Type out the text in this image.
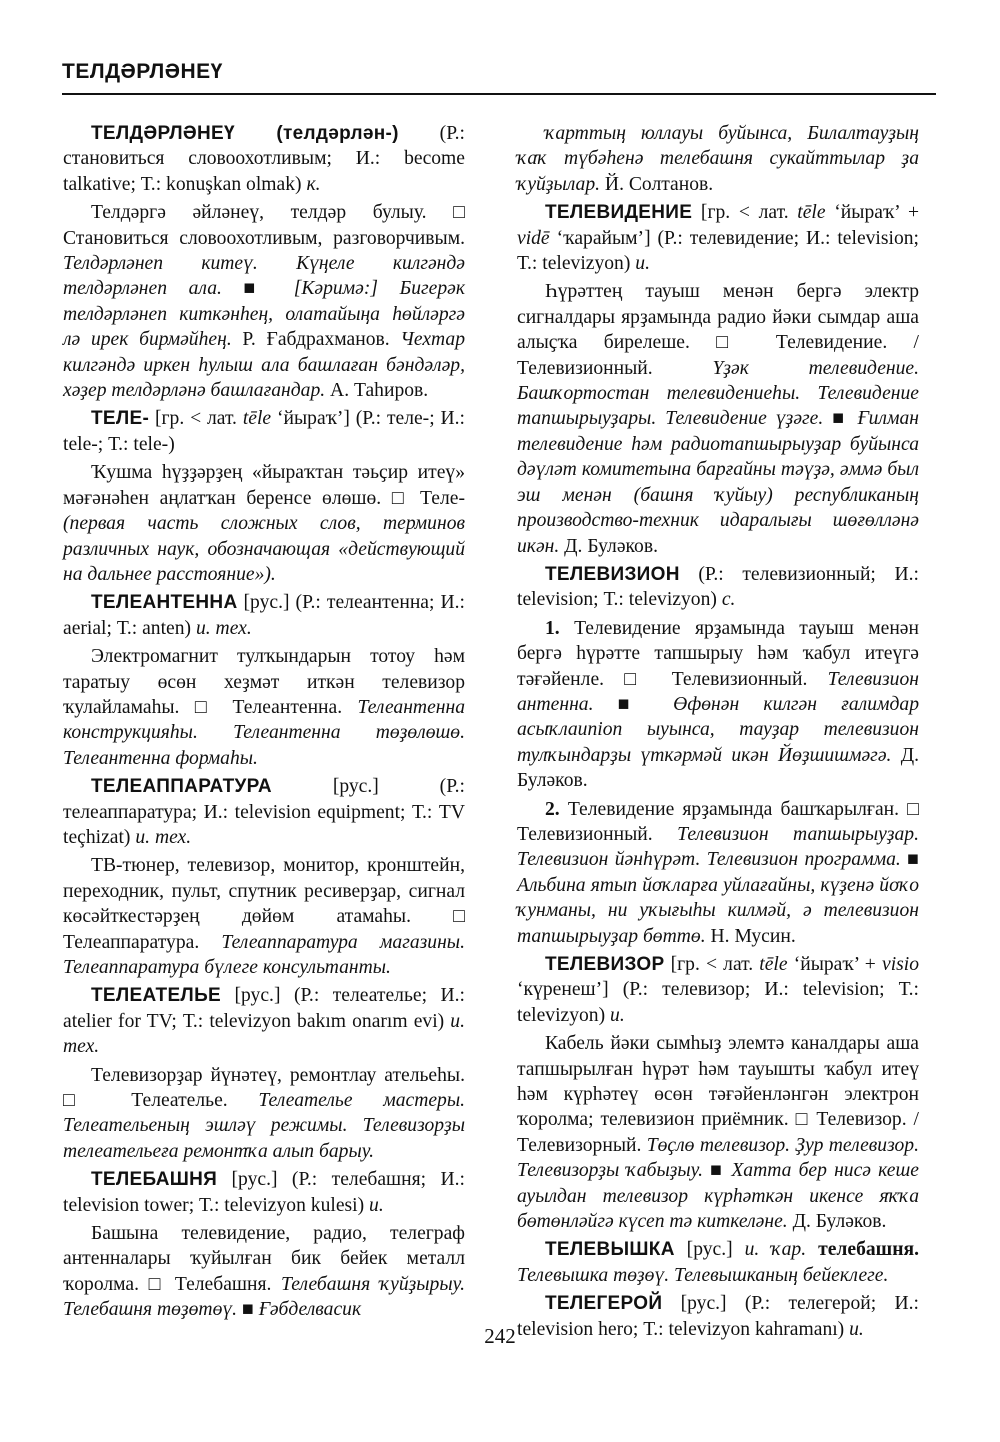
ТЕЛДӘРЛӘНЕҮ

ТЕЛДӘРЛӘНЕҮ (телдәрлән-) (Р.: становиться словоохотливым; И.: become talkative; Т.: konuşkan olmak) к.

Телдәргә әйләнеү, телдәр булыу. □ Становиться словоохотливым, разговорчивым. Телдәрләнеп китеү. Күңеле килгәндә телдәрләнеп ала. ■ [Кәримә:] Бигерәк телдәрләнеп киткәнһең, олатайыңа һөйләргә лә ирек бирмәйһең. Р. Ғабдрахманов. Чехтар килгәндә иркен һулыш ала башлаған бәндәләр, хәҙер телдәрләнә башлағандар. А. Таһиров.

ТЕЛЕ- [гр. < лат. tēle ‘йыраҡ’] (Р.: теле-; И.: tele-; Т.: tele-)

Ҡушма һүҙҙәрҙең «йыраҡтан тәьҫир итеү» мәғәнәһен аңлатҡан беренсе өлөшө. □ Теле- (первая часть сложных слов, терминов различных наук, обозначающая «действующий на дальнее расстояние»).

ТЕЛЕАНТЕННА [рус.] (Р.: телеантенна; И.: aerial; Т.: anten) и. тех.

Электромагнит тулҡындарын тотоу һәм таратыу өсөн хеҙмәт иткән телевизор ҡулайламаһы. □ Телеантенна. Телеантенна конструкцияһы. Телеантенна төҙөлөшө. Телеантенна формаһы.

ТЕЛЕАППАРАТУРА [рус.] (Р.: телеаппаратура; И.: television equipment; Т.: TV teçhizat) и. тех.

ТВ-тюнер, телевизор, монитор, кронштейн, переходник, пульт, спутник ресиверҙар, сигнал көсәйткестәрҙең дөйөм атамаһы. □ Телеаппаратура. Телеаппаратура магазины. Телеаппаратура бүлеге консультанты.

ТЕЛЕАТЕЛЬЕ [рус.] (Р.: телеателье; И.: atelier for TV; Т.: televizyon bakım onarım evi) и. тех.

Телевизорҙар йүнәтеү, ремонтлау ательеһы. □ Телеателье. Телеателье мастеры. Телеательеның эшләү режимы. Телевизорҙы телеательеға ремонтҡа алып барыу.

ТЕЛЕБАШНЯ [рус.] (Р.: телебашня; И.: television tower; Т.: televizyon kulesi) и.

Башына телевидение, радио, телеграф антенналары ҡуйылған бик бейек металл ҡоролма. □ Телебашня. Телебашня ҡуйҙырыу. Телебашня төҙөтөү. ■ Ғәбделвасик

ҡарттың юллауы буйынса, Билалтауҙың ҡаҡ түбәһенә телебашня сукайттылар ҙа ҡуйҙылар. Й. Солтанов.

ТЕЛЕВИДЕНИЕ [гр. < лат. tēle ‘йыраҡ’ + vidē ‘ҡарайым’] (Р.: телевидение; И.: television; Т.: televizyon) и.

Һүрәттең тауыш менән бергә электр сигналдары ярҙамында радио йәки сымдар аша алыҫҡа бирелеше. □ Телевидение. / Телевизионный. Үҙәк телевидение. Башҡортостан телевидениеһы. Телевидение тапшырыуҙары. Телевидение үҙәге. ■ Ғилман телевидение һәм радиотапшырыуҙар буйынса дәүләт комитетына барғайны тәүҙә, әммә был эш менән (башня ҡуйыу) республиканың производство-техник идаралығы шөғөлләнә икән. Д. Буләков.

ТЕЛЕВИЗИОН (Р.: телевизионный; И.: television; Т.: televizyon) с.

1. Телевидение ярҙамында тауыш менән бергә һүрәтте тапшырыу һәм ҡабул итеүгә тәғәйенле. □ Телевизионный. Телевизион антенна. ■ Өфөнән килгән ғалимдар асыҡлаunion ыуынса, тауҙар телевизион тулҡындарҙы үткәрмәй икән Йөҙшишмәгә. Д. Буләков.

2. Телевидение ярҙамында башҡарылған. □ Телевизионный. Телевизион тапшырыуҙар. Телевизион йәнһүрәт. Телевизион программа. ■ Альбина ятып йоҡларға уйлағайны, күҙенә йоҡо ҡунманы, ни уҡығыһы килмәй, ә телевизион тапшырыуҙар бөттө. Н. Мусин.

ТЕЛЕВИЗОР [гр. < лат. tēle ‘йыраҡ’ + visio ‘күренеш’] (Р.: телевизор; И.: television; Т.: televizyon) и.

Кабель йәки сымһыҙ элемтә каналдары аша тапшырылған һүрәт һәм тауышты ҡабул итеү һәм күрһәтеү өсөн тәғәйенләнгән электрон ҡоролма; телевизион приёмник. □ Телевизор. / Телевизорный. Төҫлө телевизор. Ҙур телевизор. Телевизорҙы ҡабыҙыу. ■ Хатта бер нисә кеше ауылдан телевизор күрһәткән икенсе яҡҡа бөтөнләйгә күсеп тә киткеләне. Д. Буләков.

ТЕЛЕВЫШКА [рус.] и. ҡар. телебашня. Телевышка төҙөү. Телевышканың бейеклеге.

ТЕЛЕГЕРОЙ [рус.] (Р.: телегерой; И.: television hero; Т.: televizyon kahramanı) и.

242
